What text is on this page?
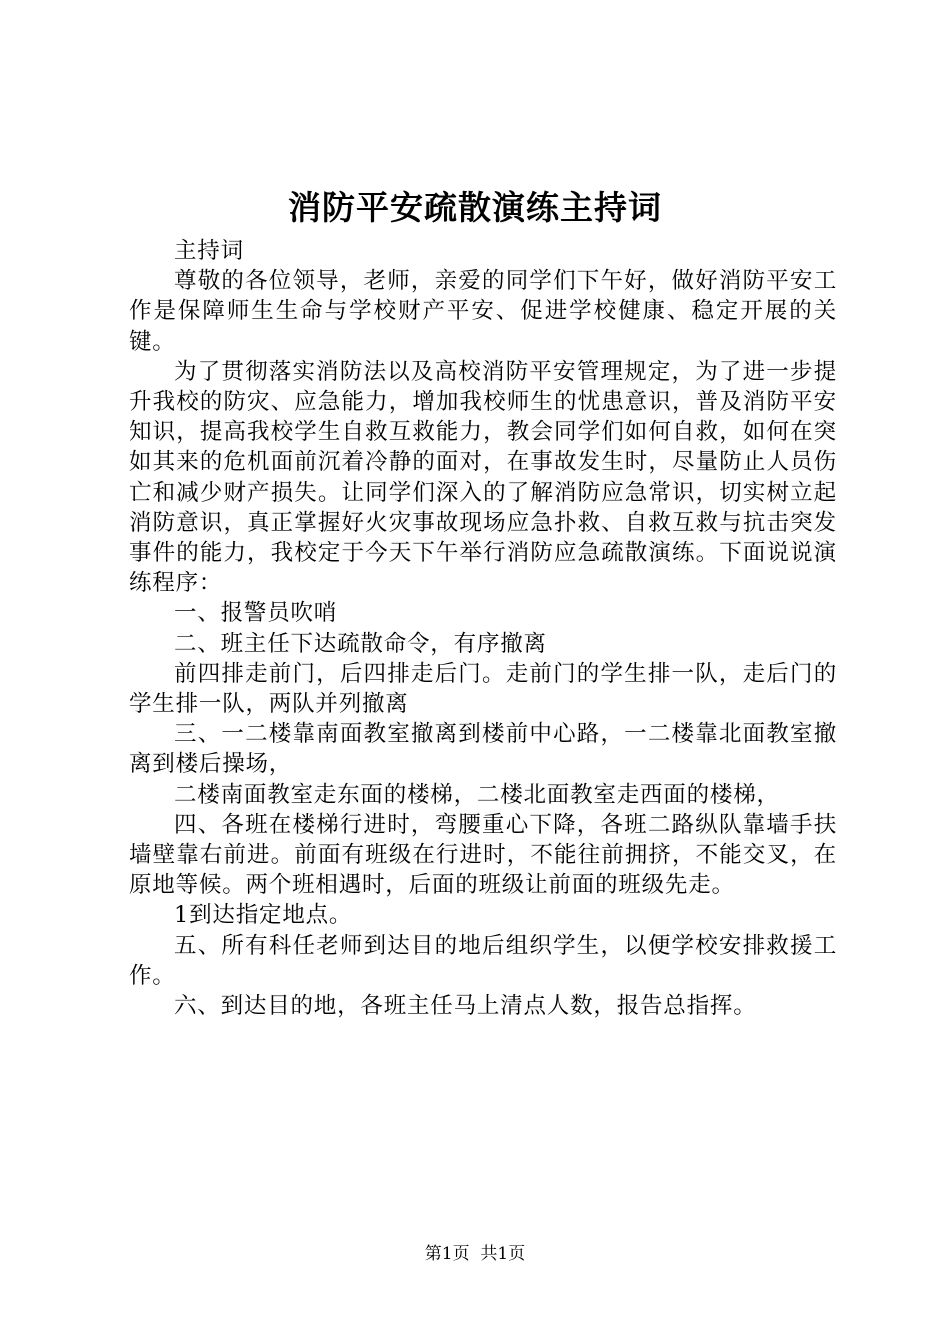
消防平安疏散演练主持词

主持词

尊敬的各位领导，老师，亲爱的同学们下午好，做好消防平安工作是保障师生生命与学校财产平安、促进学校健康、稳定开展的关键。

为了贯彻落实消防法以及高校消防平安管理规定，为了进一步提升我校的防灾、应急能力，增加我校师生的忧患意识，普及消防平安知识，提高我校学生自救互救能力，教会同学们如何自救，如何在突如其来的危机面前沉着冷静的面对，在事故发生时，尽量防止人员伤亡和减少财产损失。让同学们深入的了解消防应急常识，切实树立起消防意识，真正掌握好火灾事故现场应急扑救、自救互救与抗击突发事件的能力，我校定于今天下午举行消防应急疏散演练。下面说说演练程序：

一、报警员吹哨

二、班主任下达疏散命令，有序撤离

前四排走前门，后四排走后门。走前门的学生排一队，走后门的学生排一队，两队并列撤离

三、一二楼靠南面教室撤离到楼前中心路，一二楼靠北面教室撤离到楼后操场，

二楼南面教室走东面的楼梯，二楼北面教室走西面的楼梯，

四、各班在楼梯行进时，弯腰重心下降，各班二路纵队靠墙手扶墙壁靠右前进。前面有班级在行进时，不能往前拥挤，不能交叉，在原地等候。两个班相遇时，后面的班级让前面的班级先走。

1到达指定地点。

五、所有科任老师到达目的地后组织学生，以便学校安排救援工作。

六、到达目的地，各班主任马上清点人数，报告总指挥。

第1页 共1页
